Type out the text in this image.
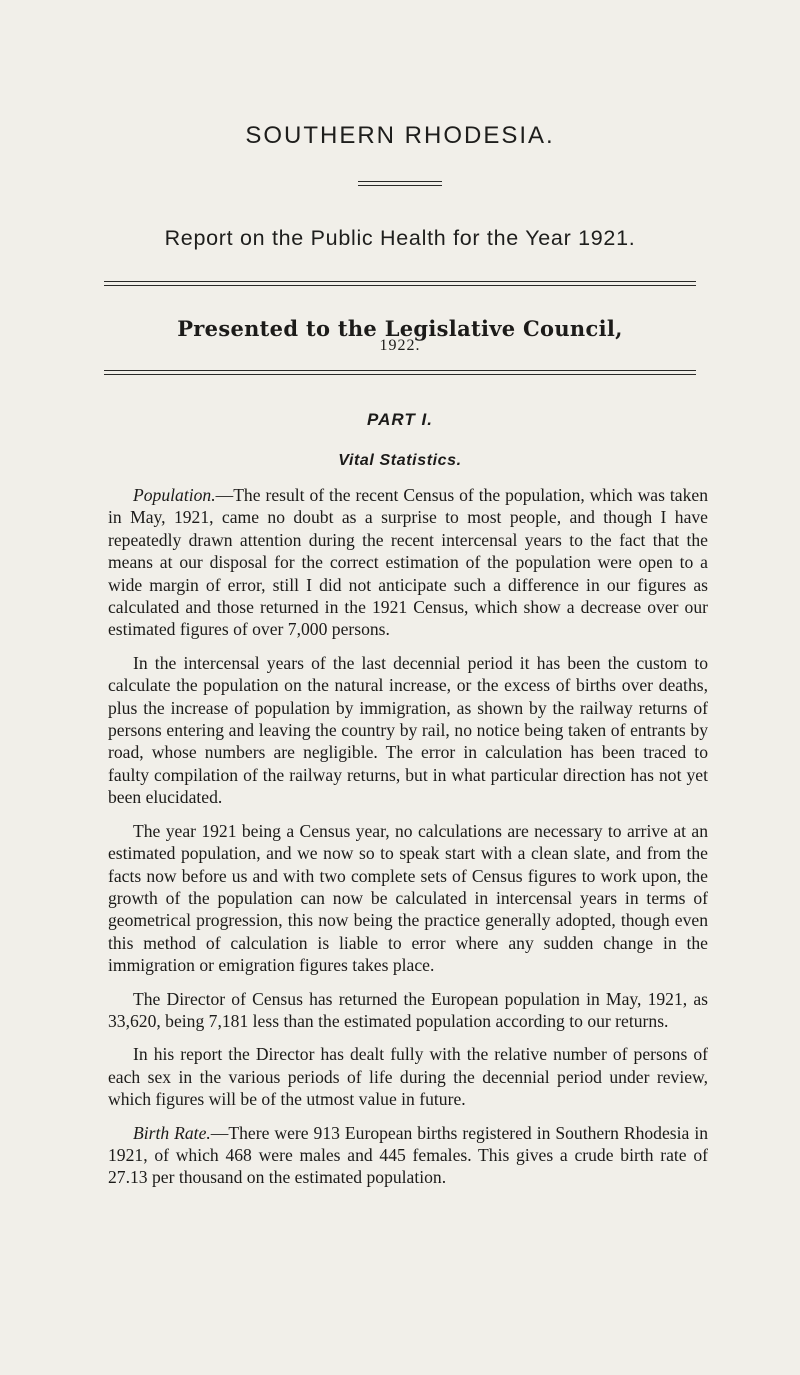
SOUTHERN RHODESIA.
Report on the Public Health for the Year 1921.
Presented to the Legislative Council,
1922.
PART I.
Vital Statistics.

Population.—The result of the recent Census of the population, which was taken in May, 1921, came no doubt as a surprise to most people, and though I have repeatedly drawn attention during the recent intercensal years to the fact that the means at our disposal for the correct estimation of the population were open to a wide margin of error, still I did not anticipate such a difference in our figures as calculated and those returned in the 1921 Census, which show a decrease over our estimated figures of over 7,000 persons.

In the intercensal years of the last decennial period it has been the custom to calculate the population on the natural increase, or the excess of births over deaths, plus the increase of population by immigration, as shown by the railway returns of persons entering and leaving the country by rail, no notice being taken of entrants by road, whose numbers are negligible. The error in calculation has been traced to faulty compilation of the railway returns, but in what particular direction has not yet been elucidated.

The year 1921 being a Census year, no calculations are necessary to arrive at an estimated population, and we now so to speak start with a clean slate, and from the facts now before us and with two complete sets of Census figures to work upon, the growth of the population can now be calculated in intercensal years in terms of geometrical progression, this now being the practice generally adopted, though even this method of calculation is liable to error where any sudden change in the immigration or emigration figures takes place.

The Director of Census has returned the European population in May, 1921, as 33,620, being 7,181 less than the estimated population according to our returns.

In his report the Director has dealt fully with the relative number of persons of each sex in the various periods of life during the decennial period under review, which figures will be of the utmost value in future.

Birth Rate.—There were 913 European births registered in Southern Rhodesia in 1921, of which 468 were males and 445 females. This gives a crude birth rate of 27.13 per thousand on the estimated population.
